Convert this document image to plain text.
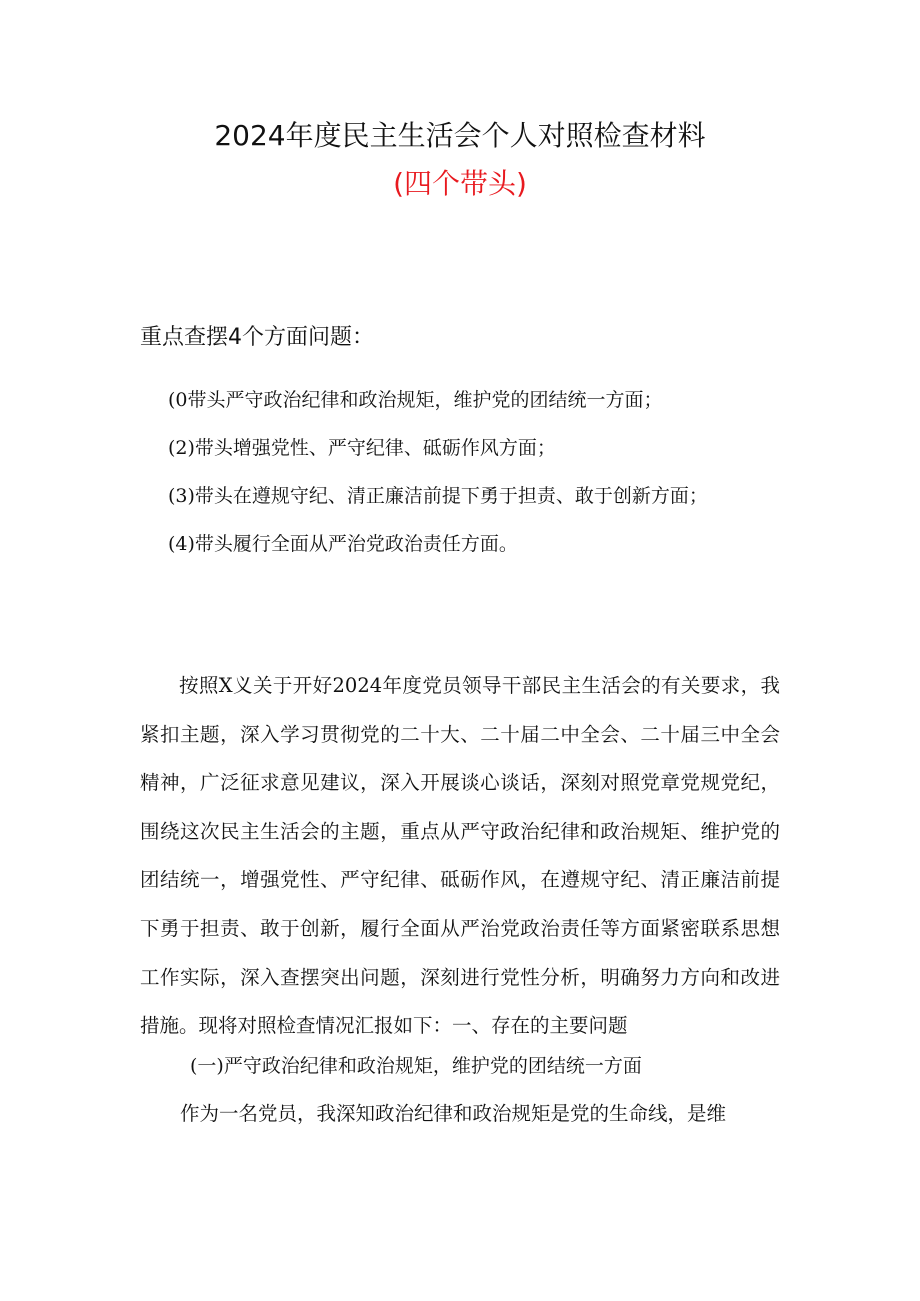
2024年度民主生活会个人对照检查材料
(四个带头)
重点查摆4个方面问题：
(0带头严守政治纪律和政治规矩，维护党的团结统一方面；
(2)带头增强党性、严守纪律、砥砺作风方面；
(3)带头在遵规守纪、清正廉洁前提下勇于担责、敢于创新方面；
(4)带头履行全面从严治党政治责任方面。
按照X义关于开好2024年度党员领导干部民主生活会的有关要求，我紧扣主题，深入学习贯彻党的二十大、二十届二中全会、二十届三中全会精神，广泛征求意见建议，深入开展谈心谈话，深刻对照党章党规党纪，围绕这次民主生活会的主题，重点从严守政治纪律和政治规矩、维护党的团结统一，增强党性、严守纪律、砥砺作风，在遵规守纪、清正廉洁前提下勇于担责、敢于创新，履行全面从严治党政治责任等方面紧密联系思想工作实际，深入查摆突出问题，深刻进行党性分析，明确努力方向和改进措施。现将对照检查情况汇报如下：一、存在的主要问题
(一)严守政治纪律和政治规矩，维护党的团结统一方面
作为一名党员，我深知政治纪律和政治规矩是党的生命线，是维
